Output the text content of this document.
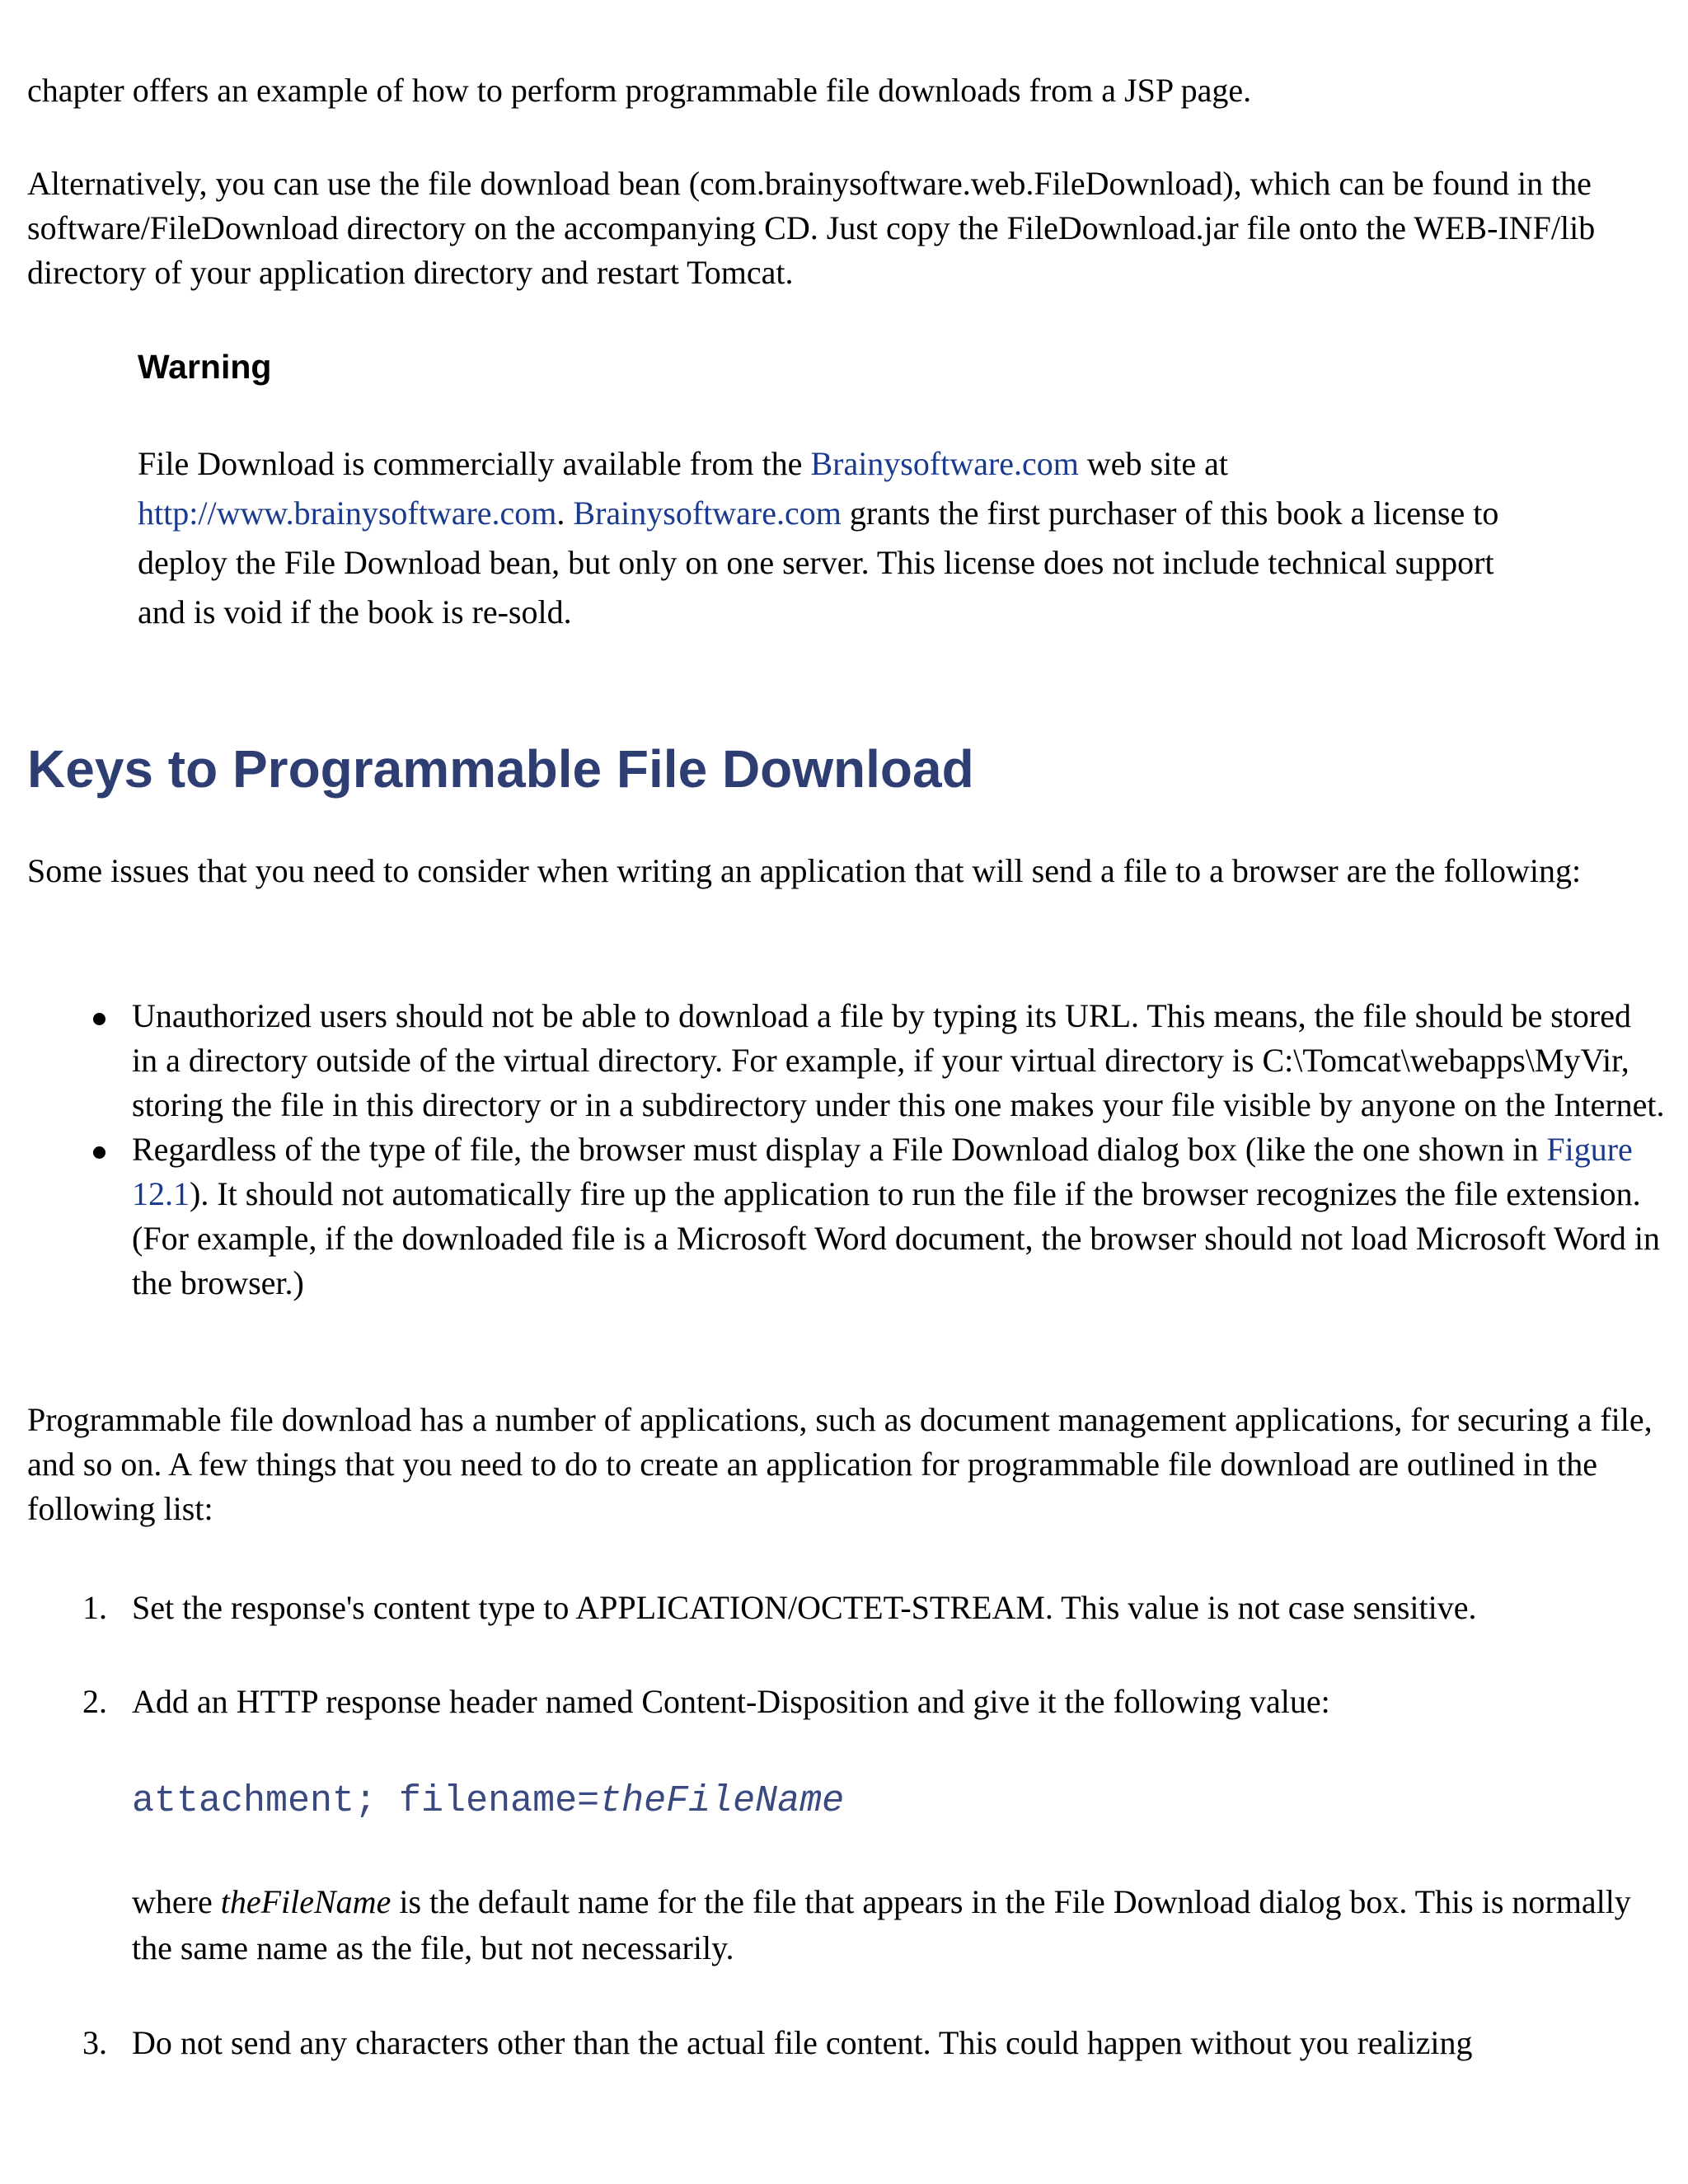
chapter offers an example of how to perform programmable file downloads from a JSP page.

Alternatively, you can use the file download bean (com.brainysoftware.web.FileDownload), which can be found in the software/FileDownload directory on the accompanying CD. Just copy the FileDownload.jar file onto the WEB-INF/lib directory of your application directory and restart Tomcat.

Warning

File Download is commercially available from the Brainysoftware.com web site at http://www.brainysoftware.com. Brainysoftware.com grants the first purchaser of this book a license to deploy the File Download bean, but only on one server. This license does not include technical support and is void if the book is re-sold.

Keys to Programmable File Download

Some issues that you need to consider when writing an application that will send a file to a browser are the following:

Unauthorized users should not be able to download a file by typing its URL. This means, the file should be stored in a directory outside of the virtual directory. For example, if your virtual directory is C:\Tomcat\webapps\MyVir, storing the file in this directory or in a subdirectory under this one makes your file visible by anyone on the Internet.
Regardless of the type of file, the browser must display a File Download dialog box (like the one shown in Figure 12.1). It should not automatically fire up the application to run the file if the browser recognizes the file extension. (For example, if the downloaded file is a Microsoft Word document, the browser should not load Microsoft Word in the browser.)

Programmable file download has a number of applications, such as document management applications, for securing a file, and so on. A few things that you need to do to create an application for programmable file download are outlined in the following list:

1. Set the response's content type to APPLICATION/OCTET-STREAM. This value is not case sensitive.

2. Add an HTTP response header named Content-Disposition and give it the following value:

attachment; filename=theFileName

where theFileName is the default name for the file that appears in the File Download dialog box. This is normally the same name as the file, but not necessarily.

3. Do not send any characters other than the actual file content. This could happen without you realizing
